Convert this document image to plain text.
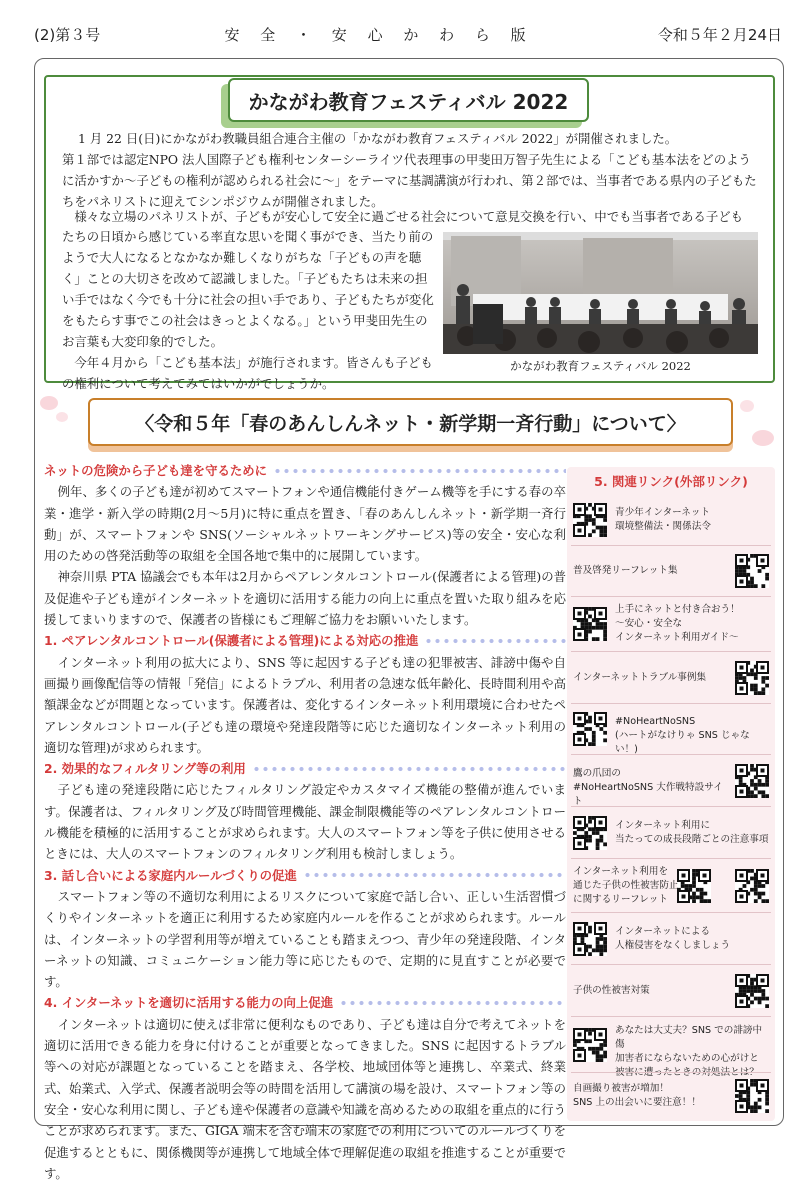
(2)第３号	安 全 ・ 安 心 か わ ら 版	令和５年２月24日
かながわ教育フェスティバル 2022
1 月 22 日(日)にかながわ教職員組合連合主催の「かながわ教育フェスティバル 2022」が開催されました。
第１部では認定NPO 法人国際子ども権利センターシーライツ代表理事の甲斐田万智子先生による「こども基本法をどのように活かすか～子どもの権利が認められる社会に～」をテーマに基調講演が行われ、第２部では、当事者である県内の子どもたちをパネリストに迎えてシンポジウムが開催されました。
　様々な立場のパネリストが、子どもが安心して安全に過ごせる社会について意見交換を行い、中でも当事者である子ども
たちの日頃から感じている率直な思いを聞く事ができ、当たり前のようで大人になるとなかなか難しくなりがちな「子どもの声を聴く」ことの大切さを改めて認識しました。「子どもたちは未来の担い手ではなく今でも十分に社会の担い手であり、子どもたちが変化をもたらす事でこの社会はきっとよくなる。」という甲斐田先生のお言葉も大変印象的でした。
　今年４月から「こども基本法」が施行されます。皆さんも子どもの権利について考えてみてはいかがでしょうか。
かながわ教育フェスティバル 2022
〈令和５年「春のあんしんネット・新学期一斉行動」について〉
ネットの危険から子ども達を守るために
例年、多くの子ども達が初めてスマートフォンや通信機能付きゲーム機等を手にする春の卒業・進学・新入学の時期(2月～5月)に特に重点を置き、「春のあんしんネット・新学期一斉行動」が、スマートフォンや SNS(ソーシャルネットワーキングサービス)等の安全・安心な利用のための啓発活動等の取組を全国各地で集中的に展開しています。
神奈川県 PTA 協議会でも本年は2月からペアレンタルコントロール(保護者による管理)の普及促進や子ども達がインターネットを適切に活用する能力の向上に重点を置いた取り組みを応援してまいりますので、保護者の皆様にもご理解ご協力をお願いいたします。
1. ペアレンタルコントロール(保護者による管理)による対応の推進
インターネット利用の拡大により、SNS 等に起因する子ども達の犯罪被害、誹謗中傷や自画撮り画像配信等の情報「発信」によるトラブル、利用者の急速な低年齢化、長時間利用や高額課金などが問題となっています。保護者は、変化するインターネット利用環境に合わせたペアレンタルコントロール(子ども達の環境や発達段階等に応じた適切なインターネット利用の適切な管理)が求められます。
2. 効果的なフィルタリング等の利用
子ども達の発達段階に応じたフィルタリング設定やカスタマイズ機能の整備が進んでいます。保護者は、フィルタリング及び時間管理機能、課金制限機能等のペアレンタルコントロール機能を積極的に活用することが求められます。大人のスマートフォン等を子供に使用させるときには、大人のスマートフォンのフィルタリング利用も検討しましょう。
3. 話し合いによる家庭内ルールづくりの促進
スマートフォン等の不適切な利用によるリスクについて家庭で話し合い、正しい生活習慣づくりやインターネットを適正に利用するため家庭内ルールを作ることが求められます。ルールは、インターネットの学習利用等が増えていることも踏まえつつ、青少年の発達段階、インターネットの知識、コミュニケーション能力等に応じたもので、定期的に見直すことが必要です。
4. インターネットを適切に活用する能力の向上促進
インターネットは適切に使えば非常に便利なものであり、子ども達は自分で考えてネットを適切に活用できる能力を身に付けることが重要となってきました。SNS に起因するトラブル等への対応が課題となっていることを踏まえ、各学校、地域団体等と連携し、卒業式、終業式、始業式、入学式、保護者説明会等の時間を活用して講演の場を設け、スマートフォン等の安全・安心な利用に関し、子ども達や保護者の意識や知識を高めるための取組を重点的に行うことが求められます。また、GIGA 端末を含む端末の家庭での利用についてのルールづくりを促進するとともに、関係機関等が連携して地域全体で理解促進の取組を推進することが重要です。
5. 関連リンク(外部リンク)
青少年インターネット
環境整備法・関係法令
普及啓発リーフレット集
上手にネットと付き合おう！
～安心・安全な
インターネット利用ガイド～
インターネットトラブル事例集
#NoHeartNoSNS
(ハートがなけりゃ SNS じゃない！)
鷹の爪団の
#NoHeartNoSNS 大作戦特設サイト
インターネット利用に
当たっての成長段階ごとの注意事項
インターネット利用を
通じた子供の性被害防止
に関するリーフレット
インターネットによる
人権侵害をなくしましょう
子供の性被害対策
あなたは大丈夫？SNS での誹謗中傷
加害者にならないための心がけと
被害に遭ったときの対処法とは？
自画撮り被害が増加！
SNS 上の出会いに要注意！！
